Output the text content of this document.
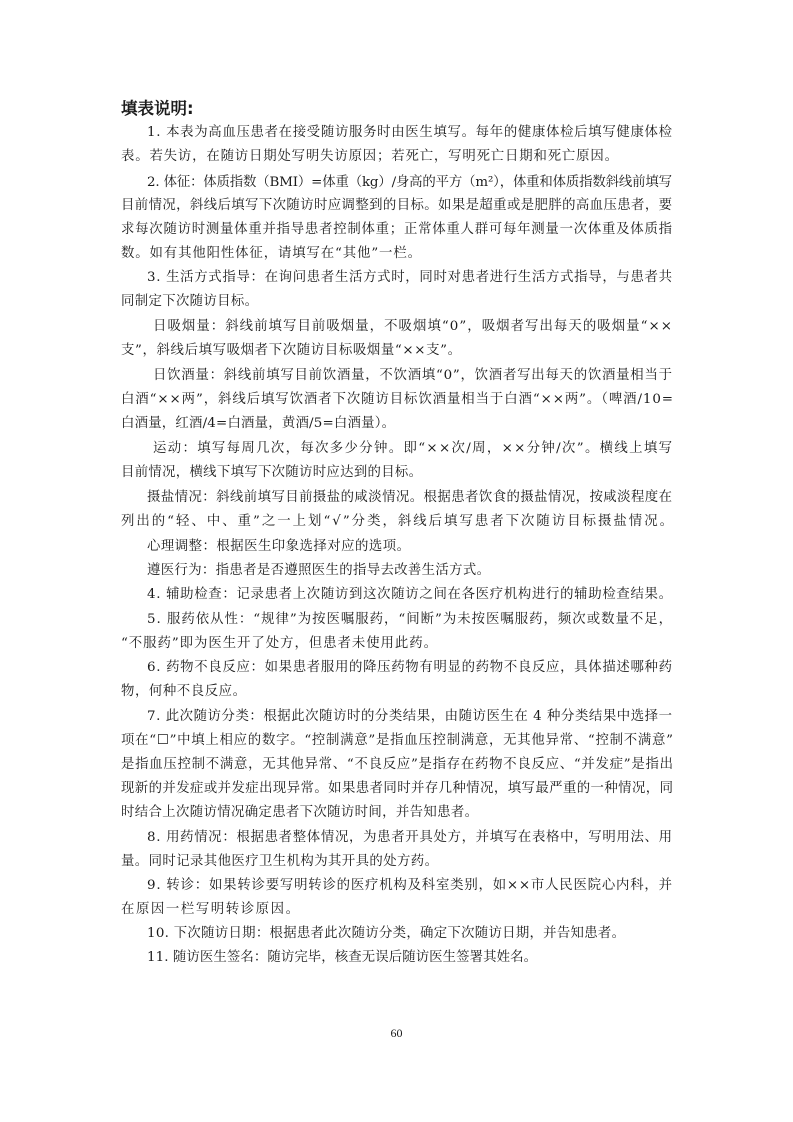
填表说明:
1. 本表为高血压患者在接受随访服务时由医生填写。每年的健康体检后填写健康体检
表。若失访，在随访日期处写明失访原因；若死亡，写明死亡日期和死亡原因。
2. 体征：体质指数（BMI）=体重（kg）/身高的平方（m²），体重和体质指数斜线前填写
目前情况，斜线后填写下次随访时应调整到的目标。如果是超重或是肥胖的高血压患者，要
求每次随访时测量体重并指导患者控制体重；正常体重人群可每年测量一次体重及体质指
数。如有其他阳性体征，请填写在“其他”一栏。
3. 生活方式指导：在询问患者生活方式时，同时对患者进行生活方式指导，与患者共
同制定下次随访目标。
日吸烟量：斜线前填写目前吸烟量，不吸烟填“0”，吸烟者写出每天的吸烟量“××
支”，斜线后填写吸烟者下次随访目标吸烟量“××支”。
日饮酒量：斜线前填写目前饮酒量，不饮酒填“0”，饮酒者写出每天的饮酒量相当于
白酒“××两”，斜线后填写饮酒者下次随访目标饮酒量相当于白酒“××两”。（啤酒/10=
白酒量，红酒/4=白酒量，黄酒/5=白酒量）。
运动：填写每周几次，每次多少分钟。即“××次/周，××分钟/次”。横线上填写
目前情况，横线下填写下次随访时应达到的目标。
摄盐情况：斜线前填写目前摄盐的咸淡情况。根据患者饮食的摄盐情况，按咸淡程度在
列出的“轻、中、重”之一上划“√”分类，斜线后填写患者下次随访目标摄盐情况。
心理调整：根据医生印象选择对应的选项。
遵医行为：指患者是否遵照医生的指导去改善生活方式。
4. 辅助检查：记录患者上次随访到这次随访之间在各医疗机构进行的辅助检查结果。
5. 服药依从性：“规律”为按医嘱服药，“间断”为未按医嘱服药，频次或数量不足，
“不服药”即为医生开了处方，但患者未使用此药。
6. 药物不良反应：如果患者服用的降压药物有明显的药物不良反应，具体描述哪种药
物，何种不良反应。
7. 此次随访分类：根据此次随访时的分类结果，由随访医生在 4 种分类结果中选择一
项在“☐”中填上相应的数字。“控制满意”是指血压控制满意，无其他异常、“控制不满意”
是指血压控制不满意，无其他异常、“不良反应”是指存在药物不良反应、“并发症”是指出
现新的并发症或并发症出现异常。如果患者同时并存几种情况，填写最严重的一种情况，同
时结合上次随访情况确定患者下次随访时间，并告知患者。
8. 用药情况：根据患者整体情况，为患者开具处方，并填写在表格中，写明用法、用
量。同时记录其他医疗卫生机构为其开具的处方药。
9. 转诊：如果转诊要写明转诊的医疗机构及科室类别，如××市人民医院心内科，并
在原因一栏写明转诊原因。
10. 下次随访日期：根据患者此次随访分类，确定下次随访日期，并告知患者。
11. 随访医生签名：随访完毕，核查无误后随访医生签署其姓名。
60
